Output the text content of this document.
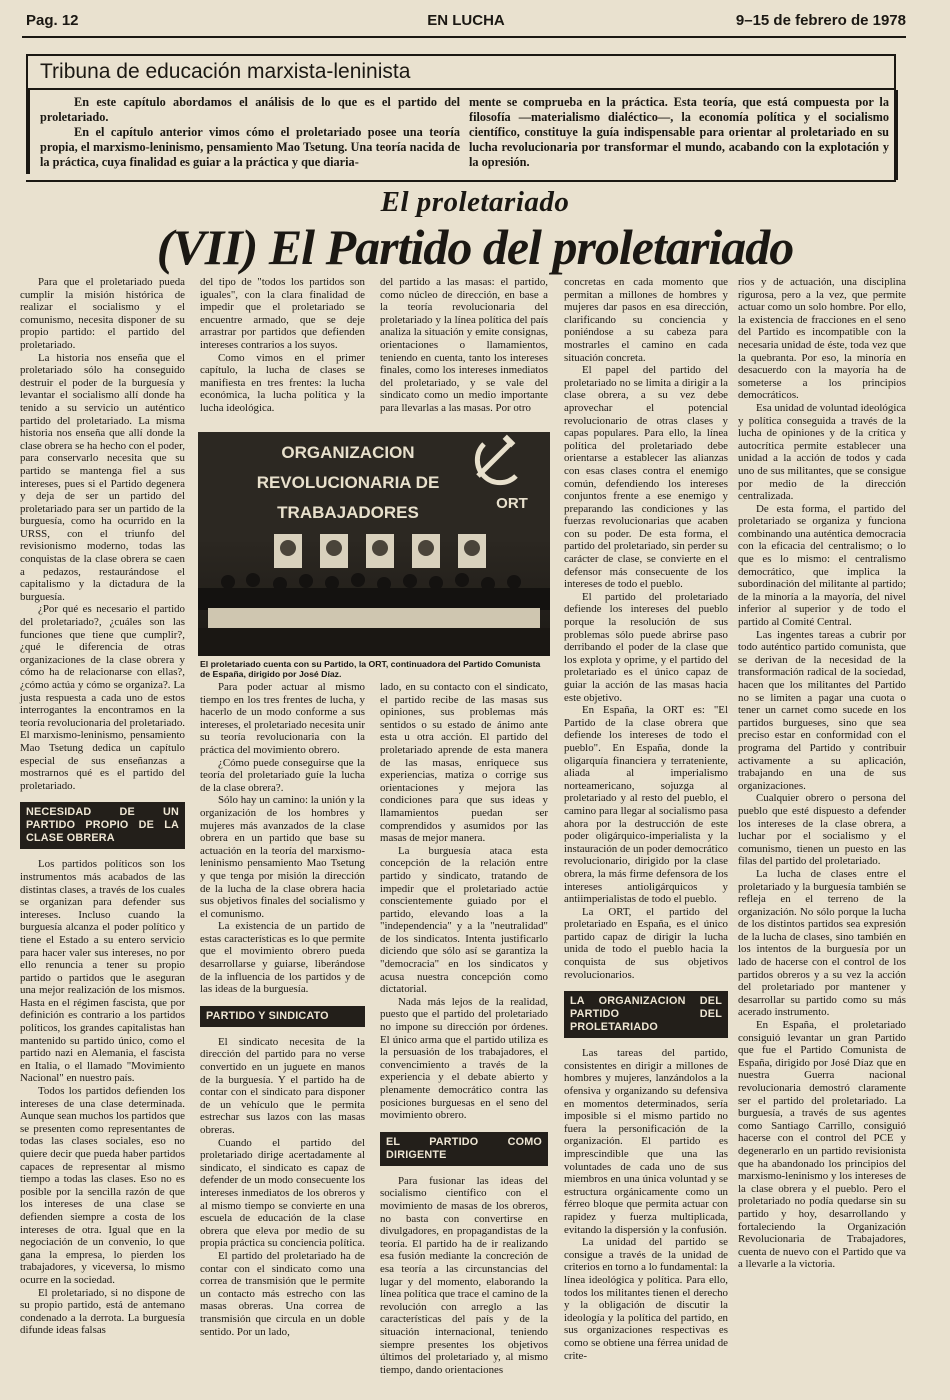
Pag. 12	EN LUCHA	9–15 de febrero de 1978
Tribuna de educación marxista-leninista

En este capítulo abordamos el análisis de lo que es el partido del proletariado.

En el capítulo anterior vimos cómo el proletariado posee una teoría propia, el marxismo-leninismo, pensamiento Mao Tsetung. Una teoría nacida de la práctica, cuya finalidad es guiar a la práctica y que diaria-

mente se comprueba en la práctica. Esta teoría, que está compuesta por la filosofía —materialismo dialéctico—, la economía política y el socialismo científico, constituye la guía indispensable para orientar al proletariado en su lucha revolucionaria por transformar el mundo, acabando con la explotación y la opresión.

El proletariado
(VII) El Partido del proletariado

Para que el proletariado pueda cumplir la misión histórica de realizar el socialismo y el comunismo, necesita disponer de su propio partido: el partido del proletariado.

La historia nos enseña que el proletariado sólo ha conseguido destruir el poder de la burguesía y levantar el socialismo allí donde ha tenido a su servicio un auténtico partido del proletariado. La misma historia nos enseña que allí donde la clase obrera se ha hecho con el poder, para conservarlo necesita que su partido se mantenga fiel a sus intereses, pues si el Partido degenera y deja de ser un partido del proletariado para ser un partido de la burguesía, como ha ocurrido en la URSS, con el triunfo del revisionismo moderno, todas las conquistas de la clase obrera se caen a pedazos, restaurándose el capitalismo y la dictadura de la burguesía.

¿Por qué es necesario el partido del proletariado?, ¿cuáles son las funciones que tiene que cumplir?, ¿qué le diferencia de otras organizaciones de la clase obrera y cómo ha de relacionarse con ellas?, ¿cómo actúa y cómo se organiza?. La justa respuesta a cada uno de estos interrogantes la encontramos en la teoría revolucionaria del proletariado. El marxismo-leninismo, pensamiento Mao Tsetung dedica un capítulo especial de sus enseñanzas a mostrarnos qué es el partido del proletariado.

NECESIDAD DE UN PARTIDO PROPIO DE LA CLASE OBRERA

Los partidos políticos son los instrumentos más acabados de las distintas clases, a través de los cuales se organizan para defender sus intereses. Incluso cuando la burguesía alcanza el poder político y tiene el Estado a su entero servicio para hacer valer sus intereses, no por ello renuncia a tener su propio partido o partidos que le aseguran una mejor realización de los mismos. Hasta en el régimen fascista, que por definición es contrario a los partidos políticos, los grandes capitalistas han mantenido su partido único, como el partido nazi en Alemania, el fascista en Italia, o el llamado "Movimiento Nacional" en nuestro país.

Todos los partidos defienden los intereses de una clase determinada. Aunque sean muchos los partidos que se presenten como representantes de todas las clases sociales, eso no quiere decir que pueda haber partidos capaces de representar al mismo tiempo a todas las clases. Eso no es posible por la sencilla razón de que los intereses de una clase se defienden siempre a costa de los intereses de otra. Igual que en la negociación de un convenio, lo que gana la empresa, lo pierden los trabajadores, y viceversa, lo mismo ocurre en la sociedad.

El proletariado, si no dispone de su propio partido, está de antemano condenado a la derrota. La burguesía difunde ideas falsas

del tipo de "todos los partidos son iguales", con la clara finalidad de impedir que el proletariado se encuentre armado, que se deje arrastrar por partidos que defienden intereses contrarios a los suyos.

Como vimos en el primer capítulo, la lucha de clases se manifiesta en tres frentes: la lucha económica, la lucha política y la lucha ideológica.

del partido a las masas: el partido, como núcleo de dirección, en base a la teoría revolucionaria del proletariado y la línea política del país analiza la situación y emite consignas, orientaciones o llamamientos, teniendo en cuenta, tanto los intereses finales, como los intereses inmediatos del proletariado, y se vale del sindicato como un medio importante para llevarlas a las masas. Por otro

ORGANIZACION
REVOLUCIONARIA DE
TRABAJADORES	ORT
El proletariado cuenta con su Partido, la ORT, continuadora del Partido Comunista de España, dirigido por José Díaz.

Para poder actuar al mismo tiempo en los tres frentes de lucha, y hacerlo de un modo conforme a sus intereses, el proletariado necesita unir su teoría revolucionaria con la práctica del movimiento obrero.

¿Cómo puede conseguirse que la teoría del proletariado guíe la lucha de la clase obrera?.

Sólo hay un camino: la unión y la organización de los hombres y mujeres más avanzados de la clase obrera en un partido que base su actuación en la teoría del marxismo-leninismo pensamiento Mao Tsetung y que tenga por misión la dirección de la lucha de la clase obrera hacia sus objetivos finales del socialismo y el comunismo.

La existencia de un partido de estas características es lo que permite que el movimiento obrero pueda desarrollarse y guiarse, liberándose de la influencia de los partidos y de las ideas de la burguesía.

PARTIDO Y SINDICATO

El sindicato necesita de la dirección del partido para no verse convertido en un juguete en manos de la burguesía. Y el partido ha de contar con el sindicato para disponer de un vehículo que le permita estrechar sus lazos con las masas obreras.

Cuando el partido del proletariado dirige acertadamente al sindicato, el sindicato es capaz de defender de un modo consecuente los intereses inmediatos de los obreros y al mismo tiempo se convierte en una escuela de educación de la clase obrera que eleva por medio de su propia práctica su conciencia política.

El partido del proletariado ha de contar con el sindicato como una correa de transmisión que le permite un contacto más estrecho con las masas obreras. Una correa de transmisión que circula en un doble sentido. Por un lado,

lado, en su contacto con el sindicato, el partido recibe de las masas sus opiniones, sus problemas más sentidos o su estado de ánimo ante esta u otra acción. El partido del proletariado aprende de esta manera de las masas, enriquece sus experiencias, matiza o corrige sus orientaciones y mejora las condiciones para que sus ideas y llamamientos puedan ser comprendidos y asumidos por las masas de mejor manera.

La burguesía ataca esta concepción de la relación entre partido y sindicato, tratando de impedir que el proletariado actúe conscientemente guiado por el partido, elevando loas a la "independencia" y a la "neutralidad" de los sindicatos. Intenta justificarlo diciendo que sólo así se garantiza la "democracia" en los sindicatos y acusa nuestra concepción como dictatorial.

Nada más lejos de la realidad, puesto que el partido del proletariado no impone su dirección por órdenes. El único arma que el partido utiliza es la persuasión de los trabajadores, el convencimiento a través de la experiencia y el debate abierto y plenamente democrático contra las posiciones burguesas en el seno del movimiento obrero.

EL PARTIDO COMO DIRIGENTE

Para fusionar las ideas del socialismo científico con el movimiento de masas de los obreros, no basta con convertirse en divulgadores, en propagandistas de la teoría. El partido ha de ir realizando esa fusión mediante la concreción de esa teoría a las circunstancias del lugar y del momento, elaborando la línea política que trace el camino de la revolución con arreglo a las características del país y de la situación internacional, teniendo siempre presentes los objetivos últimos del proletariado y, al mismo tiempo, dando orientaciones

concretas en cada momento que permitan a millones de hombres y mujeres dar pasos en esa dirección, clarificando su conciencia y poniéndose a su cabeza para mostrarles el camino en cada situación concreta.

El papel del partido del proletariado no se limita a dirigir a la clase obrera, a su vez debe aprovechar el potencial revolucionario de otras clases y capas populares. Para ello, la línea política del proletariado debe orientarse a establecer las alianzas con esas clases contra el enemigo común, defendiendo los intereses conjuntos frente a ese enemigo y preparando las condiciones y las fuerzas revolucionarias que acaben con su poder. De esta forma, el partido del proletariado, sin perder su carácter de clase, se convierte en el defensor más consecuente de los intereses de todo el pueblo.

El partido del proletariado defiende los intereses del pueblo porque la resolución de sus problemas sólo puede abrirse paso derribando el poder de la clase que los explota y oprime, y el partido del proletariado es el único capaz de guiar la acción de las masas hacia este objetivo.

En España, la ORT es: "El Partido de la clase obrera que defiende los intereses de todo el pueblo". En España, donde la oligarquía financiera y terrateniente, aliada al imperialismo norteamericano, sojuzga al proletariado y al resto del pueblo, el camino para llegar al socialismo pasa ahora por la destrucción de este poder oligárquico-imperialista y la instauración de un poder democrático revolucionario, dirigido por la clase obrera, la más firme defensora de los intereses antioligárquicos y antiimperialistas de todo el pueblo.

La ORT, el partido del proletariado en España, es el único partido capaz de dirigir la lucha unida de todo el pueblo hacia la conquista de sus objetivos revolucionarios.

LA ORGANIZACION DEL PARTIDO DEL PROLETARIADO

Las tareas del partido, consistentes en dirigir a millones de hombres y mujeres, lanzándolos a la ofensiva y organizando su defensiva en momentos determinados, sería imposible si el mismo partido no fuera la personificación de la organización. El partido es imprescindible que una las voluntades de cada uno de sus miembros en una única voluntad y se estructura orgánicamente como un férreo bloque que permita actuar con rapidez y fuerza multiplicada, evitando la dispersión y la confusión.

La unidad del partido se consigue a través de la unidad de criterios en torno a lo fundamental: la línea ideológica y política. Para ello, todos los militantes tienen el derecho y la obligación de discutir la ideología y la política del partido, en sus organizaciones respectivas es como se obtiene una férrea unidad de crite-

rios y de actuación, una disciplina rigurosa, pero a la vez, que permite actuar como un solo hombre. Por ello, la existencia de fracciones en el seno del Partido es incompatible con la necesaria unidad de éste, toda vez que la quebranta. Por eso, la minoría en desacuerdo con la mayoría ha de someterse a los principios democráticos.

Esa unidad de voluntad ideológica y política conseguida a través de la lucha de opiniones y de la crítica y autocrítica permite establecer una unidad a la acción de todos y cada uno de sus militantes, que se consigue por medio de la dirección centralizada.

De esta forma, el partido del proletariado se organiza y funciona combinando una auténtica democracia con la eficacia del centralismo; o lo que es lo mismo: el centralismo democrático, que implica la subordinación del militante al partido; de la minoría a la mayoría, del nivel inferior al superior y de todo el partido al Comité Central.

Las ingentes tareas a cubrir por todo auténtico partido comunista, que se derivan de la necesidad de la transformación radical de la sociedad, hacen que los militantes del Partido no se limiten a pagar una cuota o tener un carnet como sucede en los partidos burgueses, sino que sea preciso estar en conformidad con el programa del Partido y contribuir activamente a su aplicación, trabajando en una de sus organizaciones.

Cualquier obrero o persona del pueblo que esté dispuesto a defender los intereses de la clase obrera, a luchar por el socialismo y el comunismo, tienen un puesto en las filas del partido del proletariado.

La lucha de clases entre el proletariado y la burguesía también se refleja en el terreno de la organización. No sólo porque la lucha de los distintos partidos sea expresión de la lucha de clases, sino también en los intentos de la burguesía por un lado de hacerse con el control de los partidos obreros y a su vez la acción del proletariado por mantener y desarrollar su partido como su más acerado instrumento.

En España, el proletariado consiguió levantar un gran Partido que fue el Partido Comunista de España, dirigido por José Díaz que en nuestra Guerra nacional revolucionaria demostró claramente ser el partido del proletariado. La burguesía, a través de sus agentes como Santiago Carrillo, consiguió hacerse con el control del PCE y degenerarlo en un partido revisionista que ha abandonado los principios del marxismo-leninismo y los intereses de la clase obrera y el pueblo. Pero el proletariado no podía quedarse sin su partido y hoy, desarrollando y fortaleciendo la Organización Revolucionaria de Trabajadores, cuenta de nuevo con el Partido que va a llevarle a la victoria.
